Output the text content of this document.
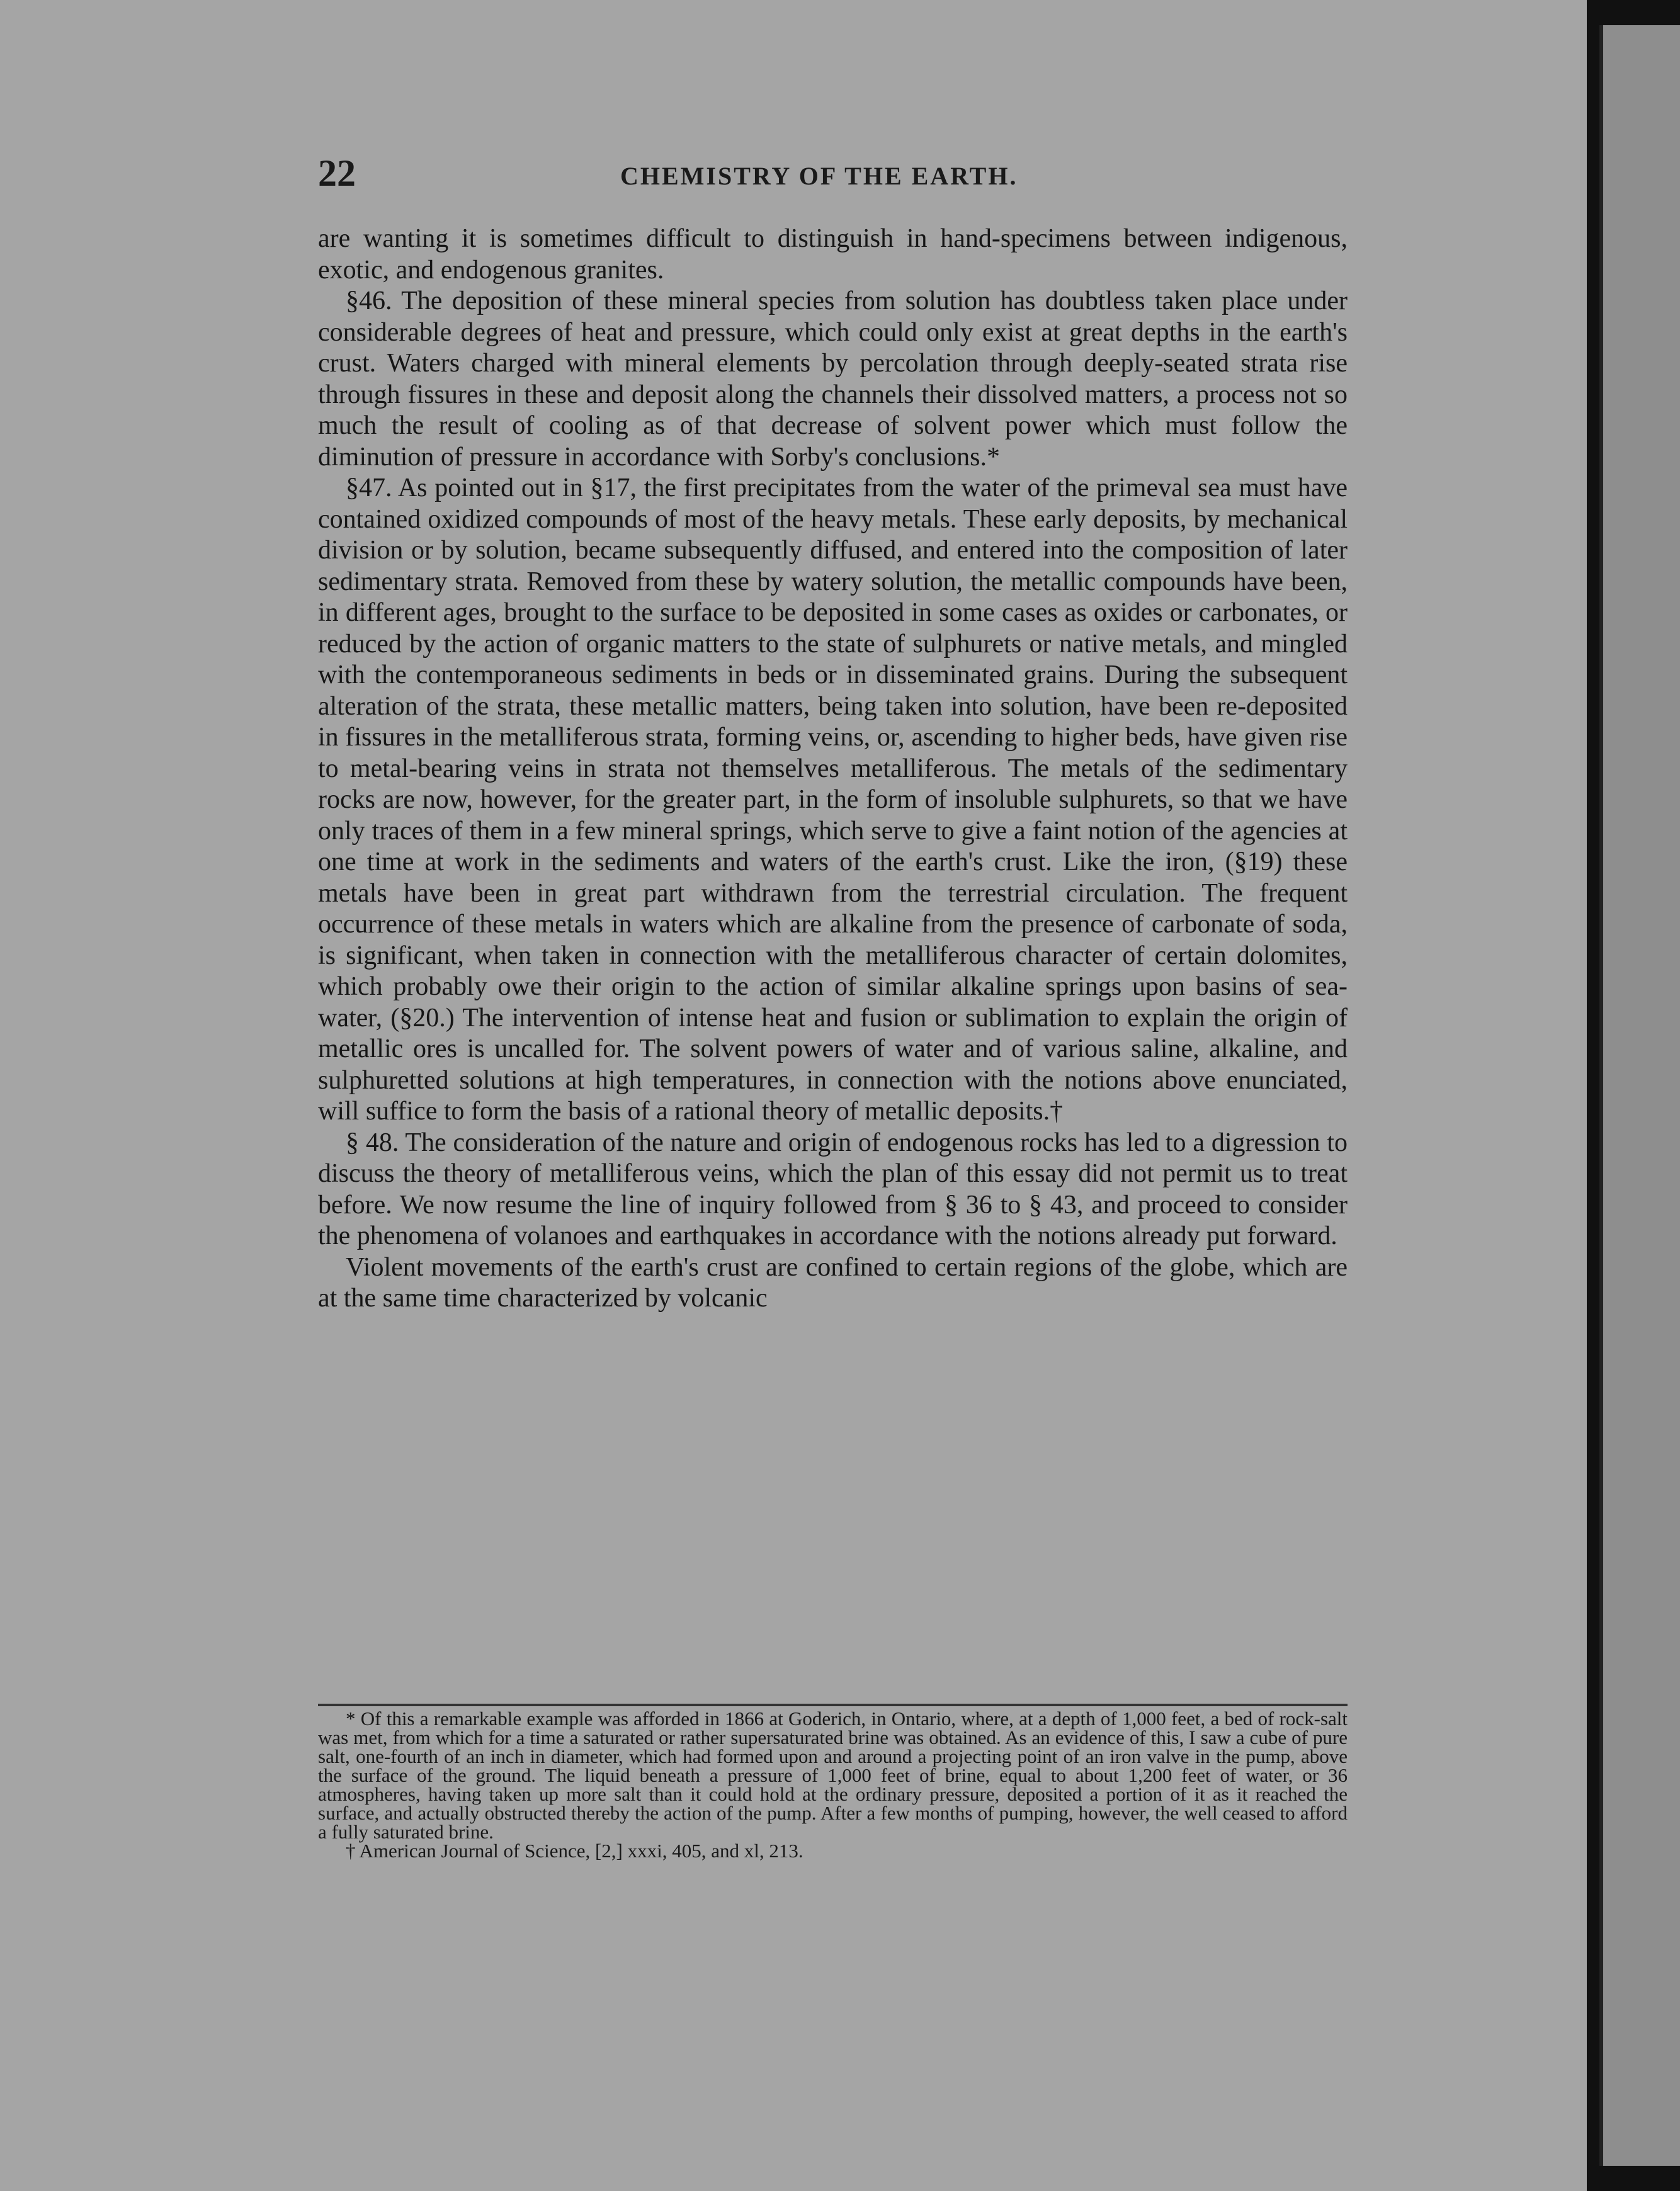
22	CHEMISTRY OF THE EARTH.

are wanting it is sometimes difficult to distinguish in hand-specimens between indigenous, exotic, and endogenous granites.

§46. The deposition of these mineral species from solution has doubtless taken place under considerable degrees of heat and pressure, which could only exist at great depths in the earth's crust. Waters charged with mineral elements by percolation through deeply-seated strata rise through fissures in these and deposit along the channels their dissolved matters, a process not so much the result of cooling as of that decrease of solvent power which must follow the diminution of pressure in accordance with Sorby's conclusions.*

§47. As pointed out in §17, the first precipitates from the water of the primeval sea must have contained oxidized compounds of most of the heavy metals. These early deposits, by mechanical division or by solution, became subsequently diffused, and entered into the composition of later sedimentary strata. Removed from these by watery solution, the metallic compounds have been, in different ages, brought to the surface to be deposited in some cases as oxides or carbonates, or reduced by the action of organic matters to the state of sulphurets or native metals, and mingled with the contemporaneous sediments in beds or in disseminated grains. During the subsequent alteration of the strata, these metallic matters, being taken into solution, have been re-deposited in fissures in the metalliferous strata, forming veins, or, ascending to higher beds, have given rise to metal-bearing veins in strata not themselves metalliferous. The metals of the sedimentary rocks are now, however, for the greater part, in the form of insoluble sulphurets, so that we have only traces of them in a few mineral springs, which serve to give a faint notion of the agencies at one time at work in the sediments and waters of the earth's crust. Like the iron, (§19) these metals have been in great part withdrawn from the terrestrial circulation. The frequent occurrence of these metals in waters which are alkaline from the presence of carbonate of soda, is significant, when taken in connection with the metalliferous character of certain dolomites, which probably owe their origin to the action of similar alkaline springs upon basins of sea-water, (§20.) The intervention of intense heat and fusion or sublimation to explain the origin of metallic ores is uncalled for. The solvent powers of water and of various saline, alkaline, and sulphuretted solutions at high temperatures, in connection with the notions above enunciated, will suffice to form the basis of a rational theory of metallic deposits.†

§ 48. The consideration of the nature and origin of endogenous rocks has led to a digression to discuss the theory of metalliferous veins, which the plan of this essay did not permit us to treat before. We now resume the line of inquiry followed from § 36 to § 43, and proceed to consider the phenomena of volanoes and earthquakes in accordance with the notions already put forward.

Violent movements of the earth's crust are confined to certain regions of the globe, which are at the same time characterized by volcanic

* Of this a remarkable example was afforded in 1866 at Goderich, in Ontario, where, at a depth of 1,000 feet, a bed of rock-salt was met, from which for a time a saturated or rather supersaturated brine was obtained. As an evidence of this, I saw a cube of pure salt, one-fourth of an inch in diameter, which had formed upon and around a projecting point of an iron valve in the pump, above the surface of the ground. The liquid beneath a pressure of 1,000 feet of brine, equal to about 1,200 feet of water, or 36 atmospheres, having taken up more salt than it could hold at the ordinary pressure, deposited a portion of it as it reached the surface, and actually obstructed thereby the action of the pump. After a few months of pumping, however, the well ceased to afford a fully saturated brine.

† American Journal of Science, [2,] xxxi, 405, and xl, 213.
